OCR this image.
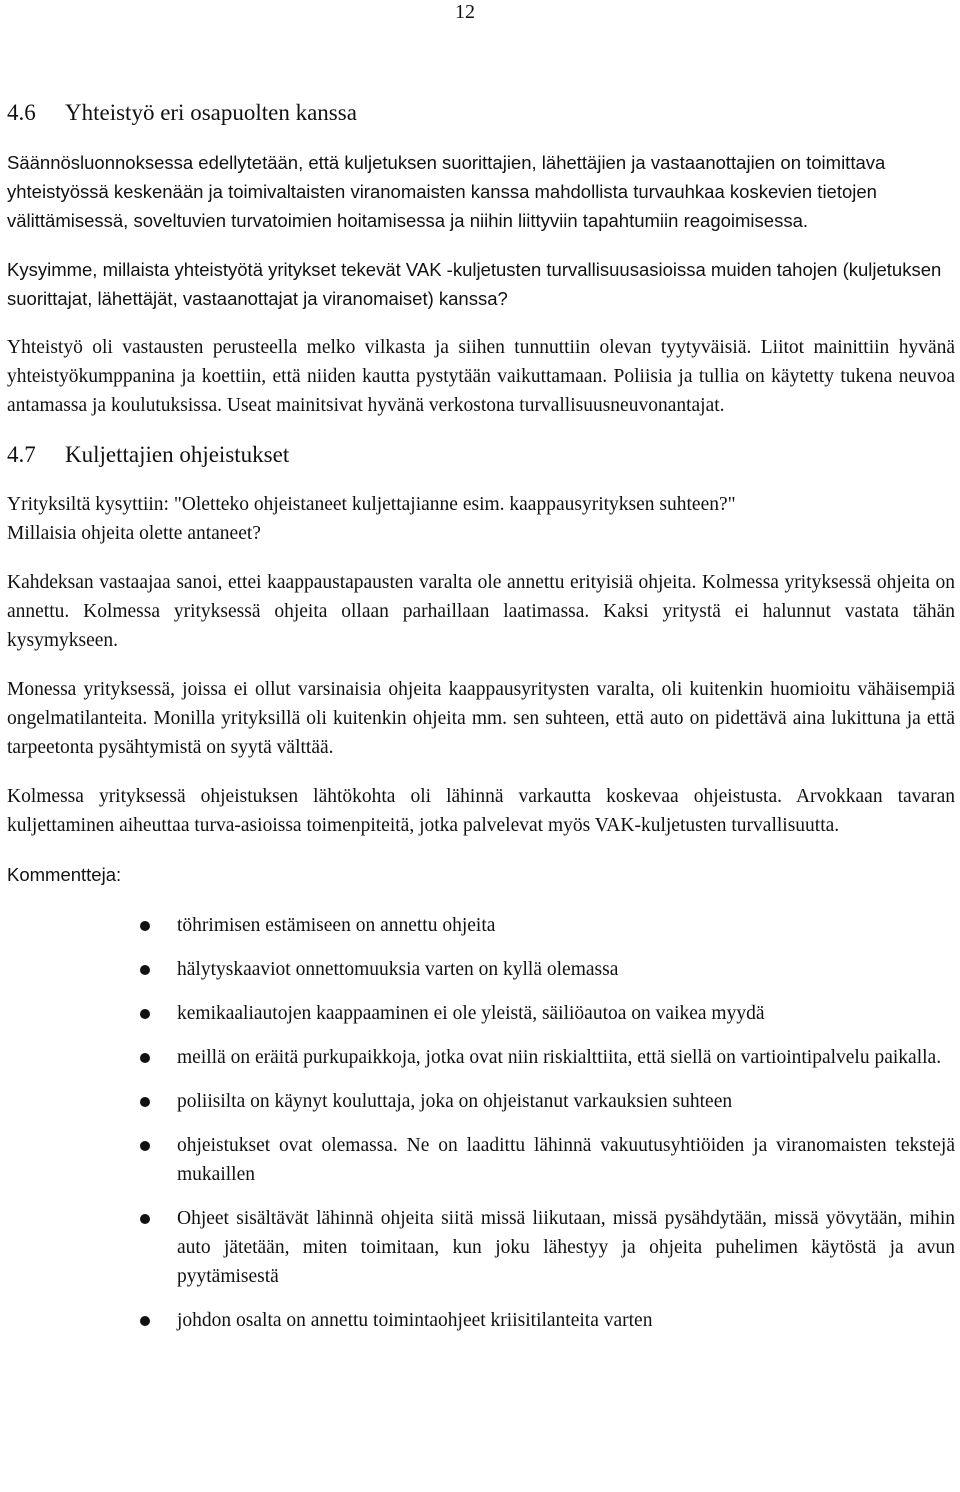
12
4.6	Yhteistyö eri osapuolten kanssa

Säännösluonnoksessa edellytetään, että kuljetuksen suorittajien, lähettäjien ja vastaanottajien on toimittava yhteistyössä keskenään ja toimivaltaisten viranomaisten kanssa mahdollista turvauhkaa koskevien tietojen välittämisessä, soveltuvien turvatoimien hoitamisessa ja niihin liittyviin tapahtumiin reagoimisessa.

Kysyimme, millaista yhteistyötä yritykset tekevät VAK -kuljetusten turvallisuusasioissa muiden tahojen (kuljetuksen suorittajat, lähettäjät, vastaanottajat ja viranomaiset) kanssa?

Yhteistyö oli vastausten perusteella melko vilkasta ja siihen tunnuttiin olevan tyytyväisiä. Liitot mainittiin hyvänä yhteistyökumppanina ja koettiin, että niiden kautta pystytään vaikuttamaan. Poliisia ja tullia on käytetty tukena neuvoa antamassa ja koulutuksissa. Useat mainitsivat hyvänä verkostona turvallisuusneuvonantajat.

4.7	Kuljettajien ohjeistukset

Yrityksiltä kysyttiin: "Oletteko ohjeistaneet kuljettajianne esim. kaappausyrityksen suhteen?"

Millaisia ohjeita olette antaneet?

Kahdeksan vastaajaa sanoi, ettei kaappaustapausten varalta ole annettu erityisiä ohjeita. Kolmessa yrityksessä ohjeita on annettu. Kolmessa yrityksessä ohjeita ollaan parhaillaan laatimassa. Kaksi yritystä ei halunnut vastata tähän kysymykseen.

Monessa yrityksessä, joissa ei ollut varsinaisia ohjeita kaappausyritysten varalta, oli kuitenkin huomioitu vähäisempiä ongelmatilanteita. Monilla yrityksillä oli kuitenkin ohjeita mm. sen suhteen, että auto on pidettävä aina lukittuna ja että tarpeetonta pysähtymistä on syytä välttää.

Kolmessa yrityksessä ohjeistuksen lähtökohta oli lähinnä varkautta koskevaa ohjeistusta. Arvokkaan tavaran kuljettaminen aiheuttaa turva-asioissa toimenpiteitä, jotka palvelevat myös VAK-kuljetusten turvallisuutta.

Kommentteja:

töhrimisen estämiseen on annettu ohjeita
hälytyskaaviot onnettomuuksia varten on kyllä olemassa
kemikaaliautojen kaappaaminen ei ole yleistä, säiliöautoa on vaikea myydä
meillä on eräitä purkupaikkoja, jotka ovat niin riskialttiita, että siellä on vartiointipalvelu paikalla.
poliisilta on käynyt kouluttaja, joka on ohjeistanut varkauksien suhteen
ohjeistukset ovat olemassa. Ne on laadittu lähinnä vakuutusyhtiöiden ja viranomaisten tekstejä mukaillen
Ohjeet sisältävät lähinnä ohjeita siitä missä liikutaan, missä pysähdytään, missä yövytään, mihin auto jätetään, miten toimitaan, kun joku lähestyy ja ohjeita puhelimen käytöstä ja avun pyytämisestä
johdon osalta on annettu toimintaohjeet kriisitilanteita varten
